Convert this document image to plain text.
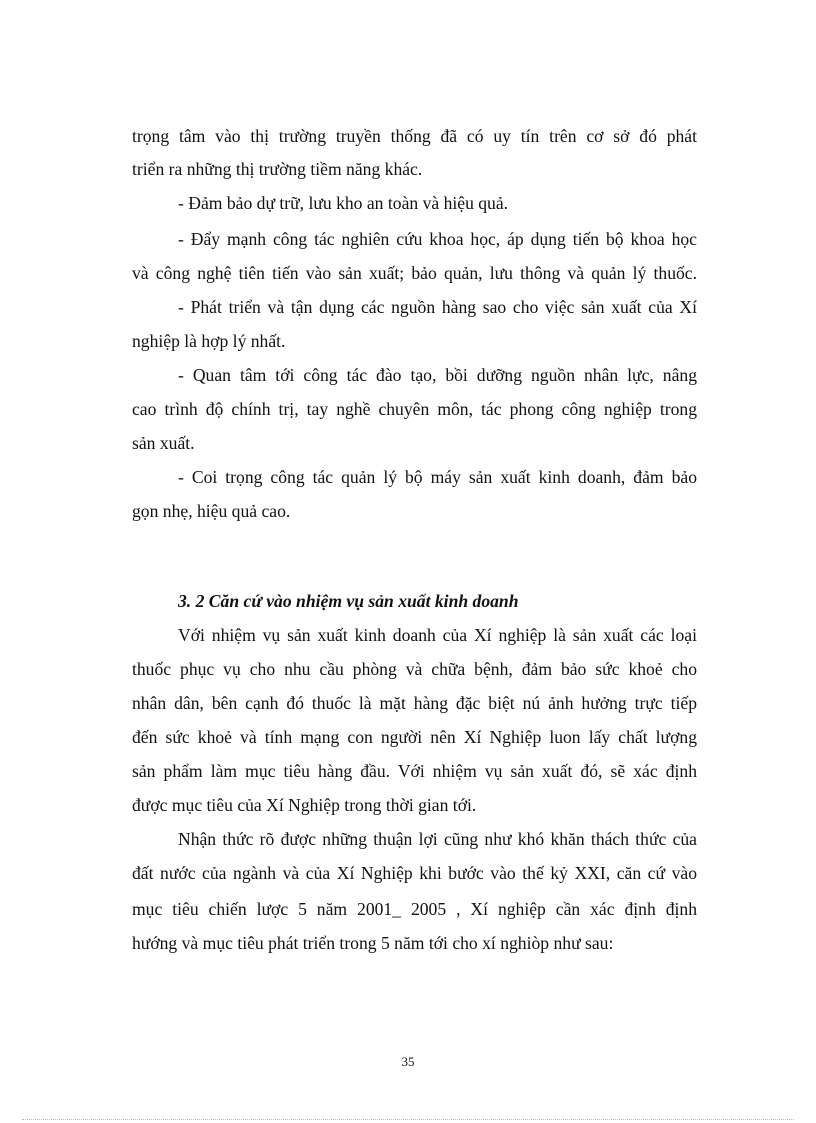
trọng tâm vào thị trường truyền thống đã có uy tín trên cơ sở đó phát
triển ra những thị trường tiềm năng khác.
- Đảm bảo dự trữ, lưu kho an toàn và hiệu quả.
- Đẩy mạnh công tác nghiên cứu khoa học, áp dụng tiến bộ khoa học
và công nghệ tiên tiến vào sản xuất; bảo quản, lưu thông và quản lý thuốc.
- Phát triển và tận dụng các nguồn hàng sao cho việc sản xuất của Xí
nghiệp là hợp lý nhất.
- Quan tâm tới công tác đào tạo, bồi dưỡng nguồn nhân lực, nâng
cao trình độ chính trị, tay nghề chuyên môn, tác phong công nghiệp trong
sản xuất.
- Coi trọng công tác quản lý bộ máy sản xuất kinh doanh, đảm bảo
gọn nhẹ, hiệu quả cao.
3. 2 Căn cứ vào nhiệm vụ sản xuất kinh doanh
Với nhiệm vụ sản xuất kinh doanh của Xí nghiệp là sản xuất các loại
thuốc phục vụ cho nhu cầu phòng và chữa bệnh, đảm bảo sức khoẻ cho
nhân dân, bên cạnh đó thuốc là mặt hàng đặc biệt nú ảnh hưởng trực tiếp
đến sức khoẻ và tính mạng con người nên Xí Nghiệp luon lấy chất lượng
sản phẩm làm mục tiêu hàng đầu. Với nhiệm vụ sản xuất đó, sẽ xác định
được mục tiêu của Xí Nghiệp trong thời gian tới.
Nhận thức rõ được những thuận lợi cũng như khó khăn thách thức của
đất nước của ngành và của Xí Nghiệp khi bước vào thế kỷ XXI, căn cứ vào
mục tiêu chiến lược 5 năm 2001_ 2005 , Xí nghiệp cần xác định định
hướng và mục tiêu phát triển trong 5 năm tới cho xí nghiòp như sau:
35
